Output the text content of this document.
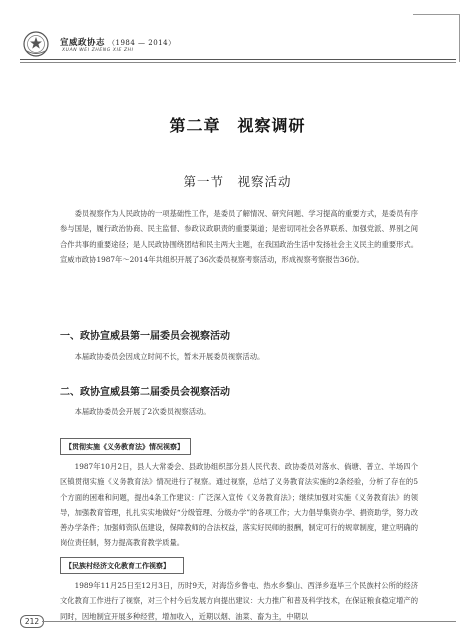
宣威政协志 （1984 — 2014）
XUAN WEI ZHENG XIE ZHI
第二章　视察调研
第一节　视察活动
委员视察作为人民政协的一项基础性工作，是委员了解情况、研究问题、学习提高的重要方式，是委员有序参与国是，履行政治协商、民主监督、参政议政职责的重要渠道；是密切同社会各界联系、加强党派、界别之间合作共事的重要途径；是人民政协围绕团结和民主两大主题，在我国政治生活中发扬社会主义民主的重要形式。宣威市政协1987年～2014年共组织开展了36次委员视察考察活动，形成视察考察报告36份。
一、政协宣威县第一届委员会视察活动
本届政协委员会因成立时间不长，暂未开展委员视察活动。
二、政协宣威县第二届委员会视察活动
本届政协委员会开展了2次委员视察活动。
【贯彻实施《义务教育法》情况视察】
1987年10月2日，县人大常委会、县政协组织部分县人民代表、政协委员对落水、倘塘、普立、羊场四个区镇贯彻实施《义务教育法》情况进行了视察。通过视察，总结了义务教育法实施的2条经验，分析了存在的5个方面的困难和问题，提出4条工作建议：广泛深入宣传《义务教育法》；继续加强对实施《义务教育法》的领导，加强教育管理，扎扎实实地做好“分级管理、分级办学”的各项工作；大力倡导集资办学、捐资助学，努力改善办学条件；加强师资队伍建设，保障教师的合法权益，落实好民师的报酬，制定可行的规章制度，建立明确的岗位责任制，努力提高教育教学质量。
【民族村经济文化教育工作视察】
1989年11月25日至12月3日，历时9天，对海岱乡鲁屯、热水乡黎山、西泽乡迤毕三个民族村公所的经济文化教育工作进行了视察，对三个村今后发展方向提出建议：大力推广和普及科学技术，在保证粮食稳定增产的同时，因地制宜开展多种经营，增加收入，近期以烟、油菜、畜为主，中期以
212
